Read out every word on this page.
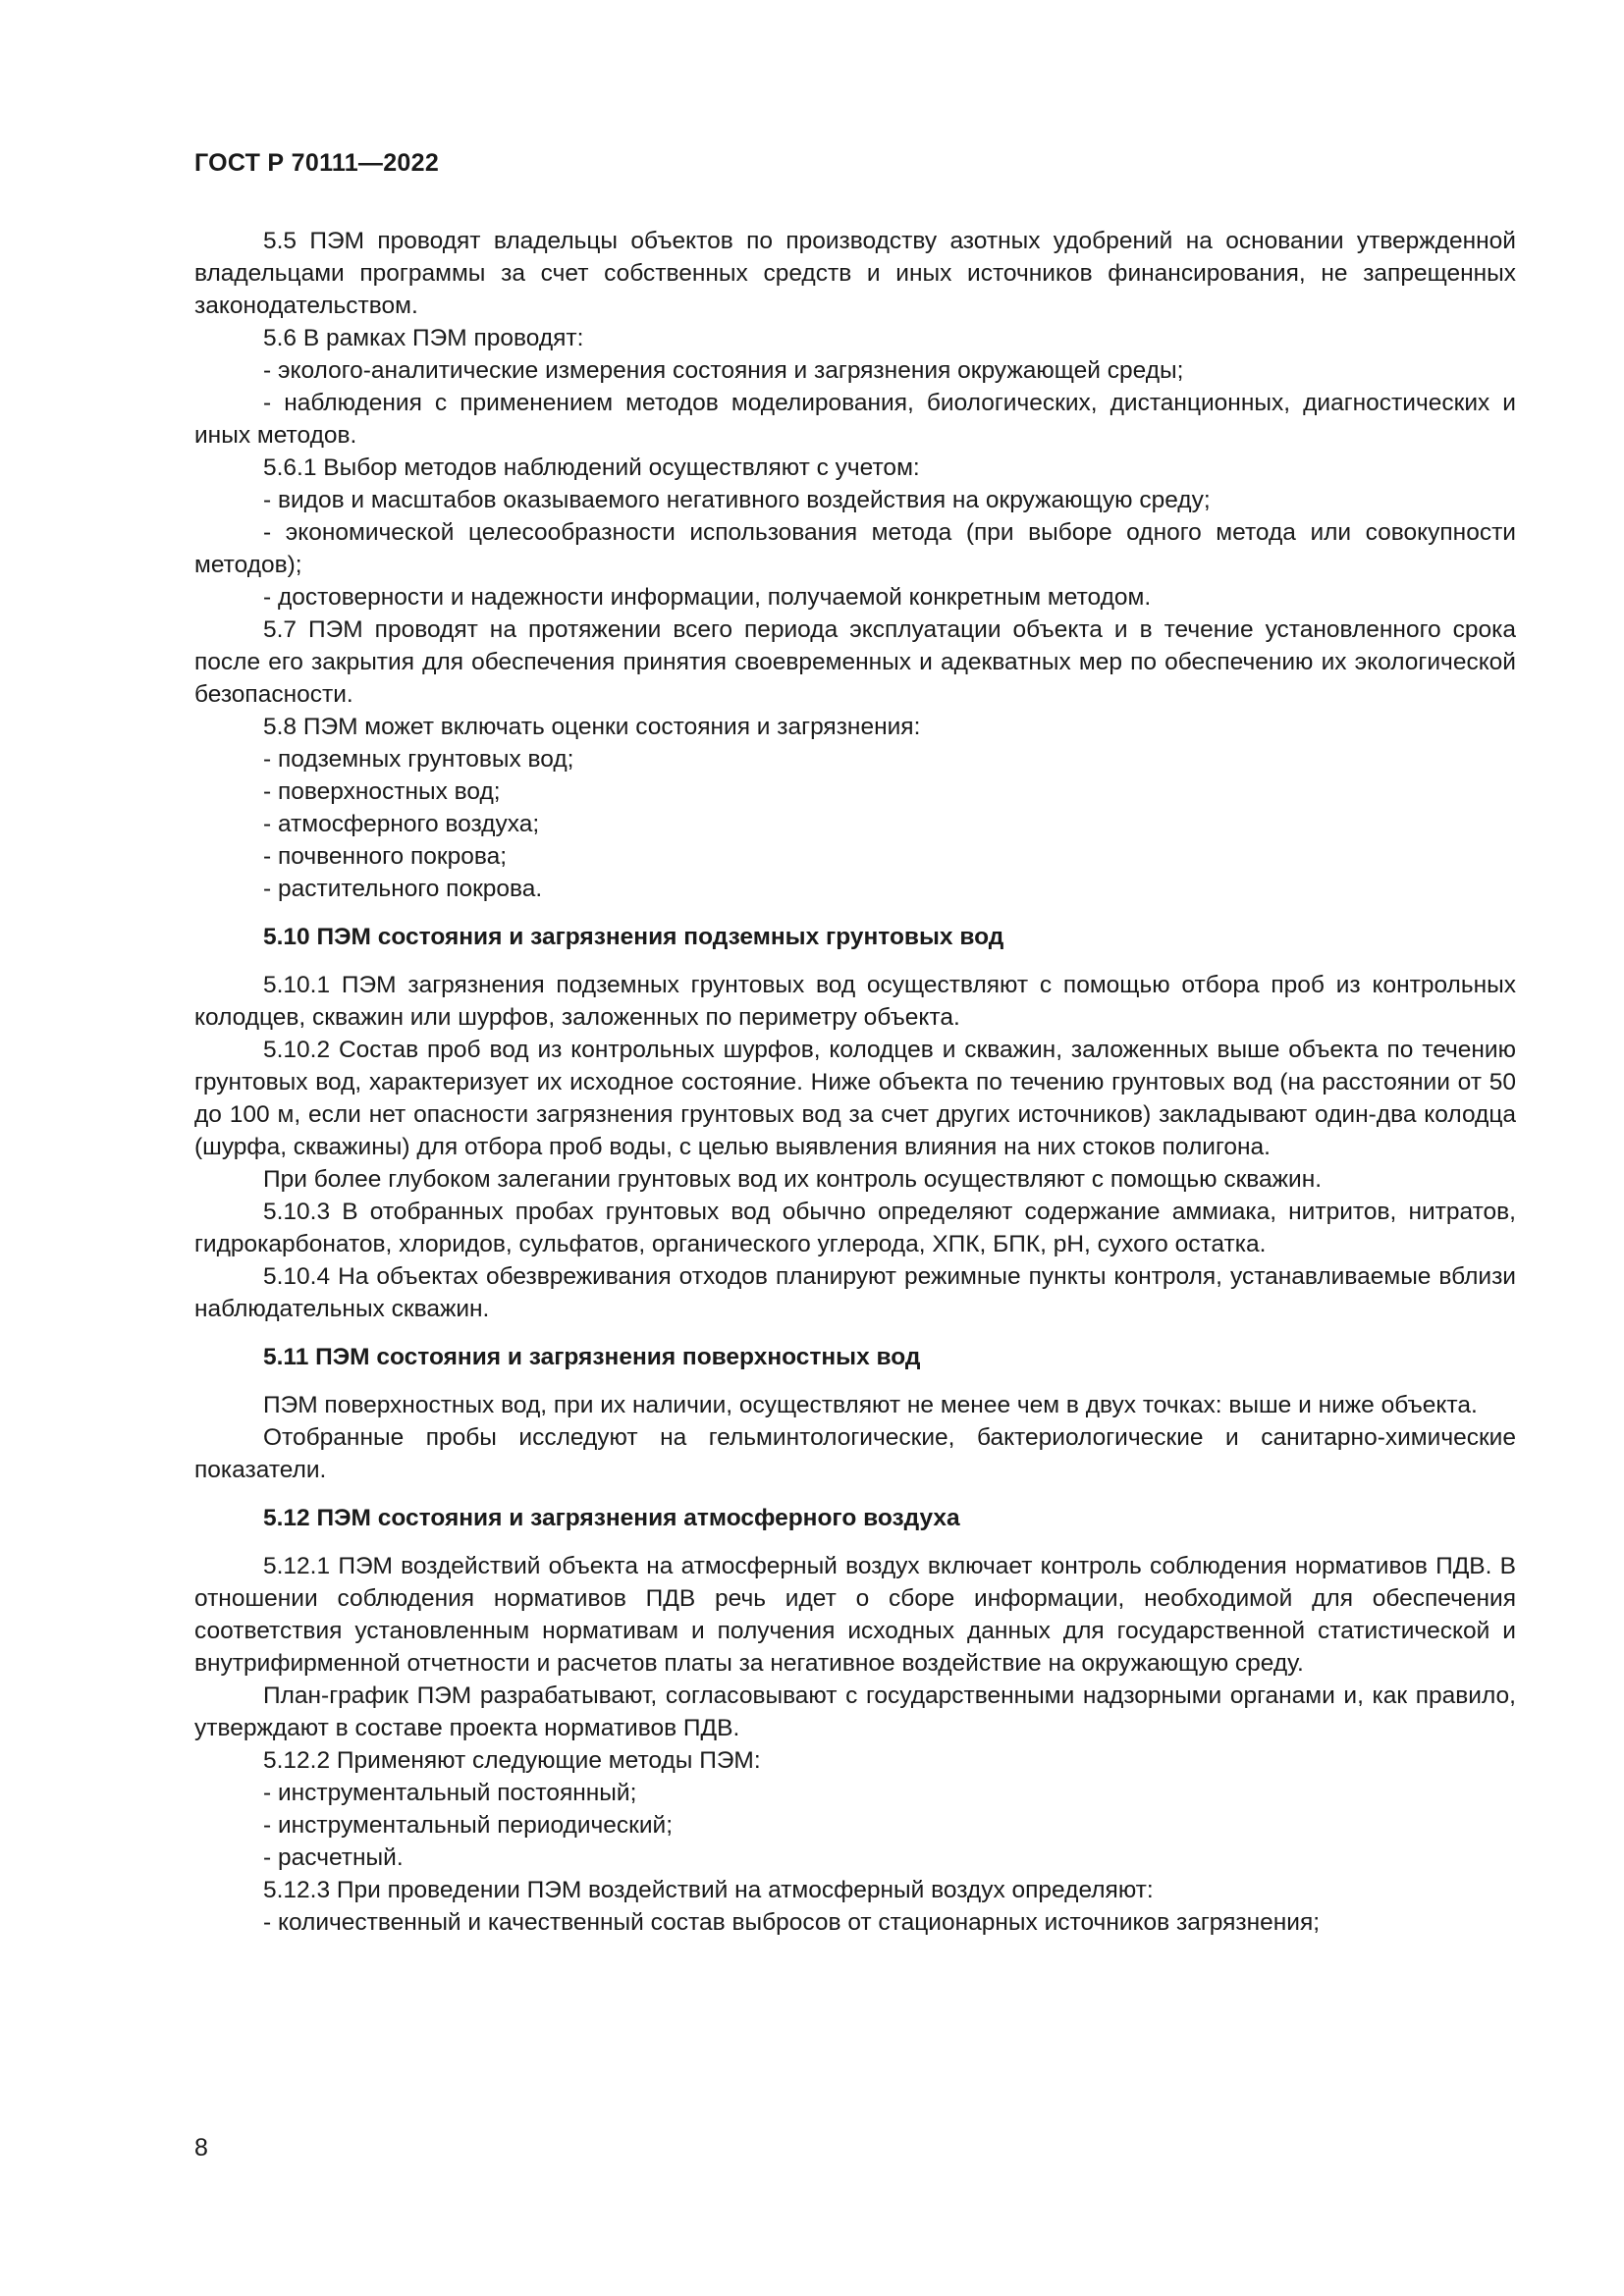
ГОСТ Р 70111—2022

5.5 ПЭМ проводят владельцы объектов по производству азотных удобрений на основании утвержденной владельцами программы за счет собственных средств и иных источников финансирования, не запрещенных законодательством.

5.6 В рамках ПЭМ проводят:

- эколого-аналитические измерения состояния и загрязнения окружающей среды;

- наблюдения с применением методов моделирования, биологических, дистанционных, диагностических и иных методов.

5.6.1 Выбор методов наблюдений осуществляют с учетом:

- видов и масштабов оказываемого негативного воздействия на окружающую среду;

- экономической целесообразности использования метода (при выборе одного метода или совокупности методов);

- достоверности и надежности информации, получаемой конкретным методом.

5.7 ПЭМ проводят на протяжении всего периода эксплуатации объекта и в течение установленного срока после его закрытия для обеспечения принятия своевременных и адекватных мер по обеспечению их экологической безопасности.

5.8 ПЭМ может включать оценки состояния и загрязнения:

- подземных грунтовых вод;

- поверхностных вод;

- атмосферного воздуха;

- почвенного покрова;

- растительного покрова.

5.10 ПЭМ состояния и загрязнения подземных грунтовых вод

5.10.1 ПЭМ загрязнения подземных грунтовых вод осуществляют с помощью отбора проб из контрольных колодцев, скважин или шурфов, заложенных по периметру объекта.

5.10.2 Состав проб вод из контрольных шурфов, колодцев и скважин, заложенных выше объекта по течению грунтовых вод, характеризует их исходное состояние. Ниже объекта по течению грунтовых вод (на расстоянии от 50 до 100 м, если нет опасности загрязнения грунтовых вод за счет других источников) закладывают один-два колодца (шурфа, скважины) для отбора проб воды, с целью выявления влияния на них стоков полигона.

При более глубоком залегании грунтовых вод их контроль осуществляют с помощью скважин.

5.10.3 В отобранных пробах грунтовых вод обычно определяют содержание аммиака, нитритов, нитратов, гидрокарбонатов, хлоридов, сульфатов, органического углерода, ХПК, БПК, pH, сухого остатка.

5.10.4 На объектах обезвреживания отходов планируют режимные пункты контроля, устанавливаемые вблизи наблюдательных скважин.

5.11 ПЭМ состояния и загрязнения поверхностных вод

ПЭМ поверхностных вод, при их наличии, осуществляют не менее чем в двух точках: выше и ниже объекта.

Отобранные пробы исследуют на гельминтологические, бактериологические и санитарно-химические показатели.

5.12 ПЭМ состояния и загрязнения атмосферного воздуха

5.12.1 ПЭМ воздействий объекта на атмосферный воздух включает контроль соблюдения нормативов ПДВ. В отношении соблюдения нормативов ПДВ речь идет о сборе информации, необходимой для обеспечения соответствия установленным нормативам и получения исходных данных для государственной статистической и внутрифирменной отчетности и расчетов платы за негативное воздействие на окружающую среду.

План-график ПЭМ разрабатывают, согласовывают с государственными надзорными органами и, как правило, утверждают в составе проекта нормативов ПДВ.

5.12.2 Применяют следующие методы ПЭМ:

- инструментальный постоянный;

- инструментальный периодический;

- расчетный.

5.12.3 При проведении ПЭМ воздействий на атмосферный воздух определяют:

- количественный и качественный состав выбросов от стационарных источников загрязнения;

8
